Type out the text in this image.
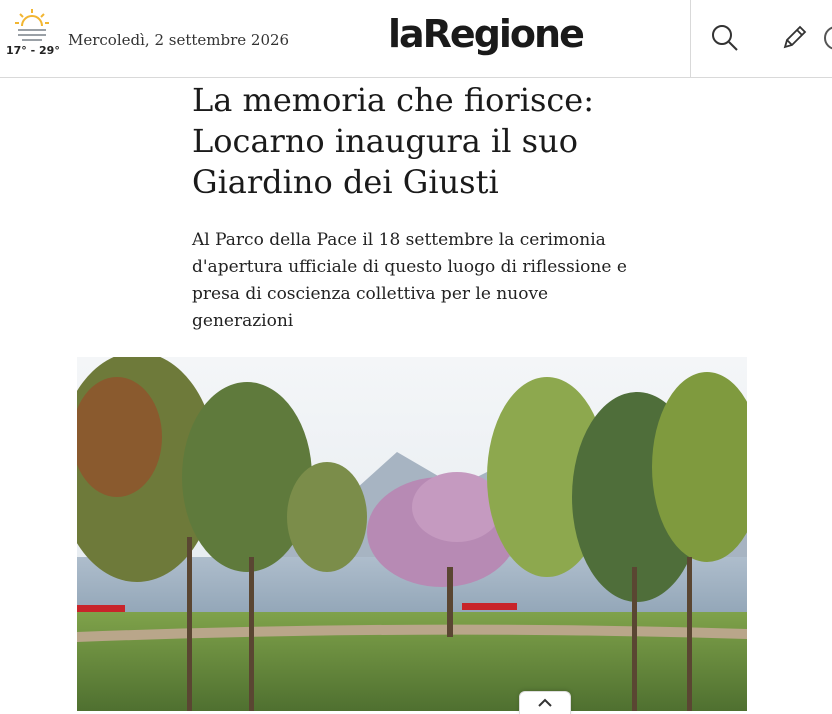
17° - 29°
Mercoledì, 2 settembre 2026	laRegione
La memoria che fiorisce: Locarno inaugura il suo Giardino dei Giusti

Al Parco della Pace il 18 settembre la cerimonia d'apertura ufficiale di questo luogo di riflessione e presa di coscienza collettiva per le nuove generazioni
